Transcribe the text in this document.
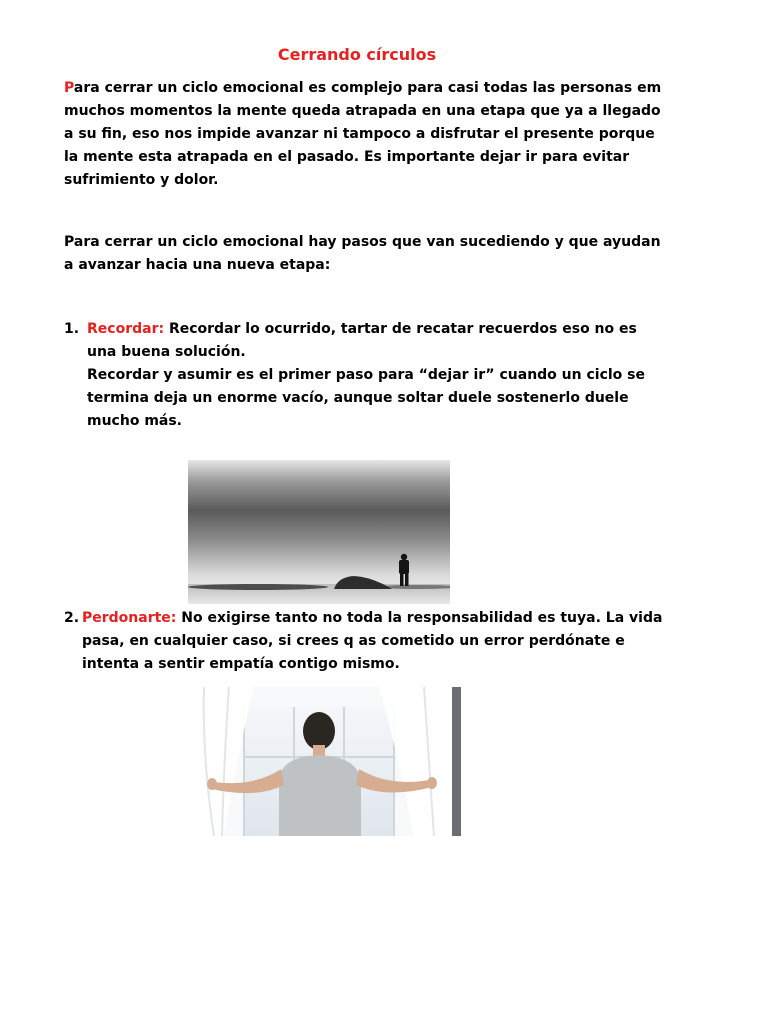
Cerrando círculos

Para cerrar un ciclo emocional es complejo para casi todas las personas em muchos momentos la mente queda atrapada en una etapa que ya a llegado a su fin, eso nos impide avanzar ni tampoco a disfrutar el presente porque la mente esta atrapada en el pasado. Es importante dejar ir para evitar sufrimiento y dolor.

Para cerrar un ciclo emocional hay pasos que van sucediendo y que ayudan a avanzar hacia una nueva etapa:

1. Recordar: Recordar lo ocurrido, tartar de recatar recuerdos eso no es una buena solución.
Recordar y asumir es el primer paso para “dejar ir” cuando un ciclo se termina deja un enorme vacío, aunque soltar duele sostenerlo duele mucho más.
2. Perdonarte: No exigirse tanto no toda la responsabilidad es tuya. La vida pasa, en cualquier caso, si crees q as cometido un error perdónate e intenta a sentir empatía contigo mismo.
